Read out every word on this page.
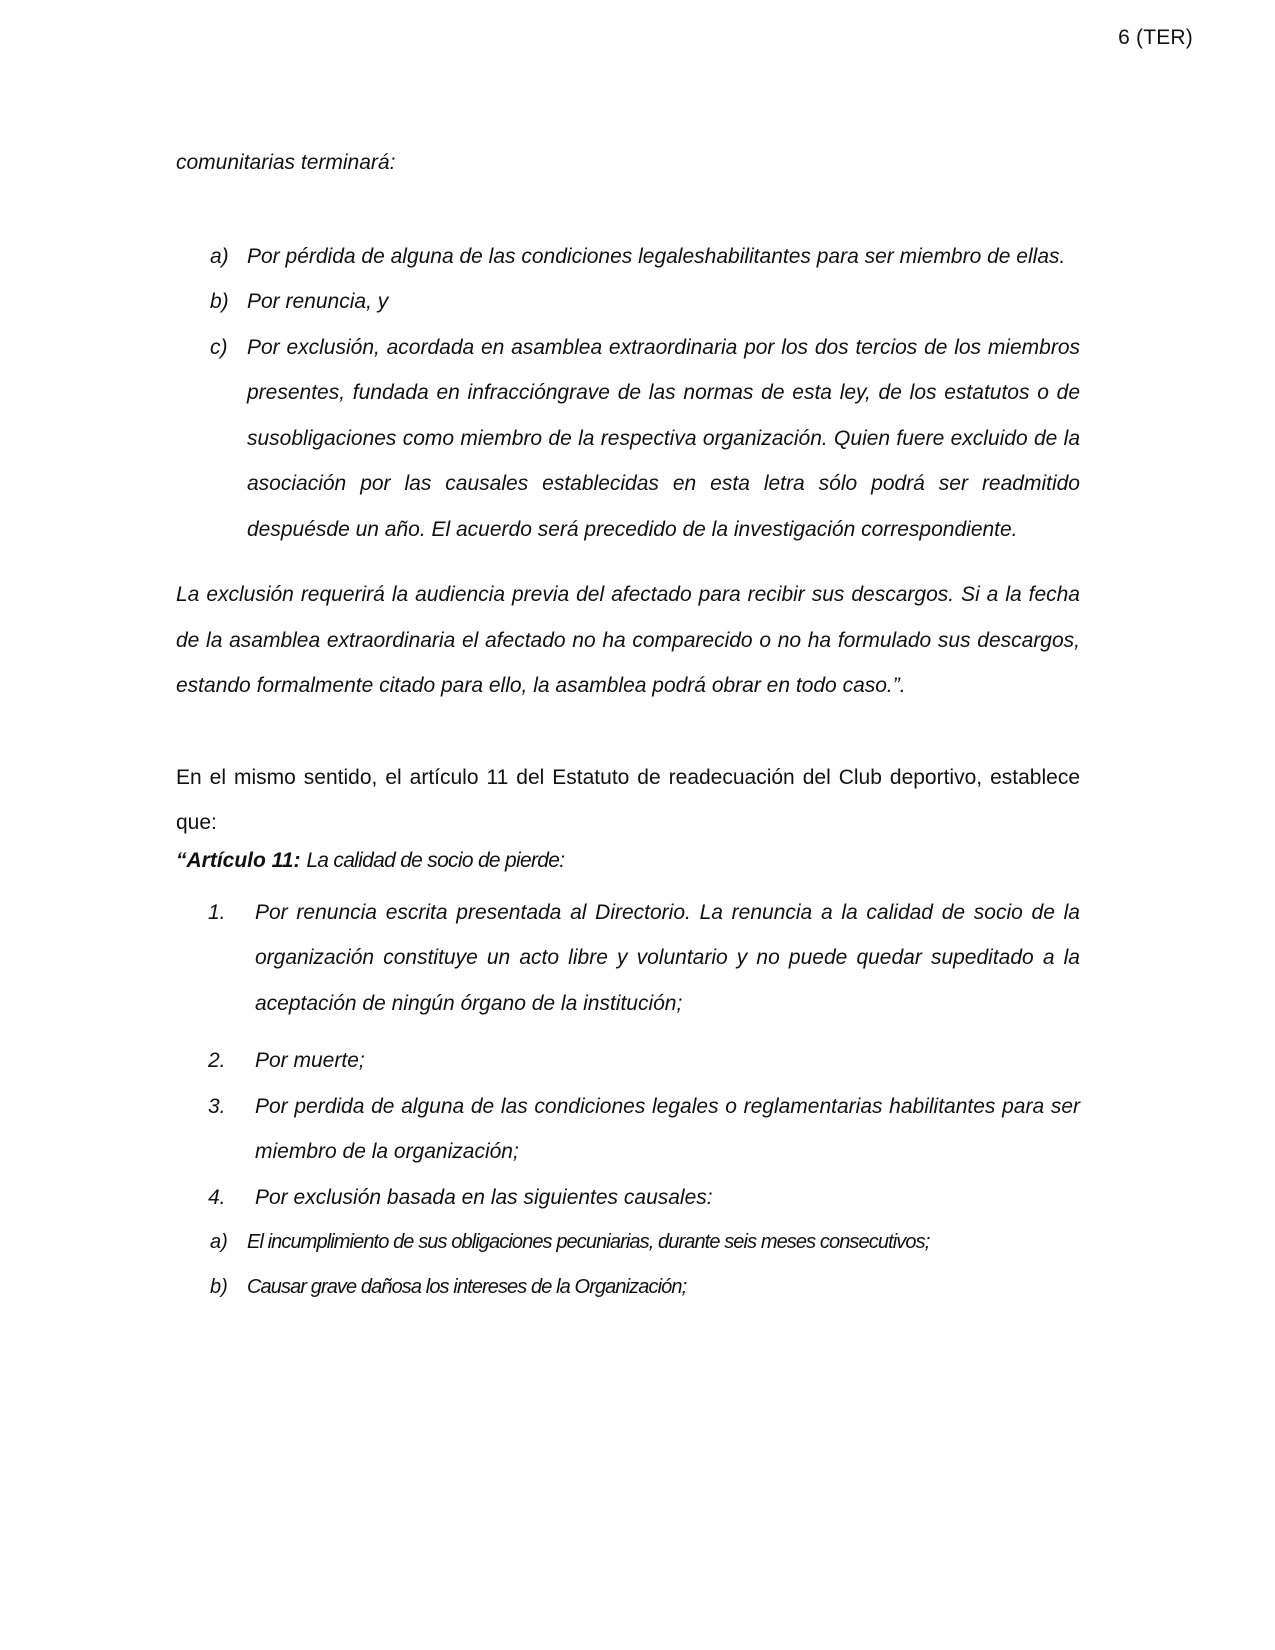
6 (TER)

comunitarias terminará:

a) Por pérdida de alguna de las condiciones legaleshabilitantes para ser miembro de ellas.
b) Por renuncia, y
c) Por exclusión, acordada en asamblea extraordinaria por los dos tercios de los miembros presentes, fundada en infraccióngrave de las normas de esta ley, de los estatutos o de susobligaciones como miembro de la respectiva organización. Quien fuere excluido de la asociación por las causales establecidas en esta letra sólo podrá ser readmitido despuésde un año. El acuerdo será precedido de la investigación correspondiente.

La exclusión requerirá la audiencia previa del afectado para recibir sus descargos. Si a la fecha de la asamblea extraordinaria el afectado no ha comparecido o no ha formulado sus descargos, estando formalmente citado para ello, la asamblea podrá obrar en todo caso.”.

En el mismo sentido, el artículo 11 del Estatuto de readecuación del Club deportivo, establece que:

“Artículo 11: La calidad de socio de pierde:

1. Por renuncia escrita presentada al Directorio. La renuncia a la calidad de socio de la organización constituye un acto libre y voluntario y no puede quedar supeditado a la aceptación de ningún órgano de la institución;
2. Por muerte;
3. Por perdida de alguna de las condiciones legales o reglamentarias habilitantes para ser miembro de la organización;
4. Por exclusión basada en las siguientes causales:
a) El incumplimiento de sus obligaciones pecuniarias, durante seis meses consecutivos;
b) Causar grave dañosa los intereses de la Organización;
